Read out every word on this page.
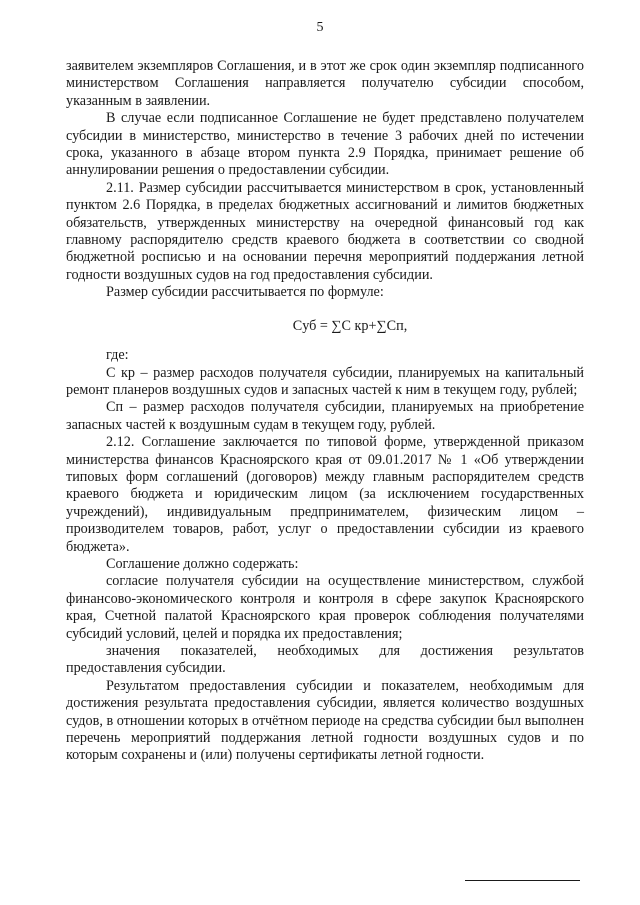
5

заявителем экземпляров Соглашения, и в этот же срок один экземпляр подписанного министерством Соглашения направляется получателю субсидии способом, указанным в заявлении.

В случае если подписанное Соглашение не будет представлено получателем субсидии в министерство, министерство в течение 3 рабочих дней по истечении срока, указанного в абзаце втором пункта 2.9 Порядка, принимает решение об аннулировании решения о предоставлении субсидии.

2.11. Размер субсидии рассчитывается министерством в срок, установленный пунктом 2.6 Порядка, в пределах бюджетных ассигнований и лимитов бюджетных обязательств, утвержденных министерству на очередной финансовый год как главному распорядителю средств краевого бюджета в соответствии со сводной бюджетной росписью и на основании перечня мероприятий поддержания летной годности воздушных судов на год предоставления субсидии.

Размер субсидии рассчитывается по формуле:

Cуб = ∑C кр+∑Cп,

где:

C кр – размер расходов получателя субсидии, планируемых на капитальный ремонт планеров воздушных судов и запасных частей к ним в текущем году, рублей;

Cп – размер расходов получателя субсидии, планируемых на приобретение запасных частей к воздушным судам в текущем году, рублей.

2.12. Соглашение заключается по типовой форме, утвержденной приказом министерства финансов Красноярского края от 09.01.2017 № 1 «Об утверждении типовых форм соглашений (договоров) между главным распорядителем средств краевого бюджета и юридическим лицом (за исключением государственных учреждений), индивидуальным предпринимателем, физическим лицом – производителем товаров, работ, услуг о предоставлении субсидии из краевого бюджета».

Соглашение должно содержать:

согласие получателя субсидии на осуществление министерством, службой финансово-экономического контроля и контроля в сфере закупок Красноярского края, Счетной палатой Красноярского края проверок соблюдения получателями субсидий условий, целей и порядка их предоставления;

значения показателей, необходимых для достижения результатов предоставления субсидии.

Результатом предоставления субсидии и показателем, необходимым для достижения результата предоставления субсидии, является количество воздушных судов, в отношении которых в отчётном периоде на средства субсидии был выполнен перечень мероприятий поддержания летной годности воздушных судов и по которым сохранены и (или) получены сертификаты летной годности.
